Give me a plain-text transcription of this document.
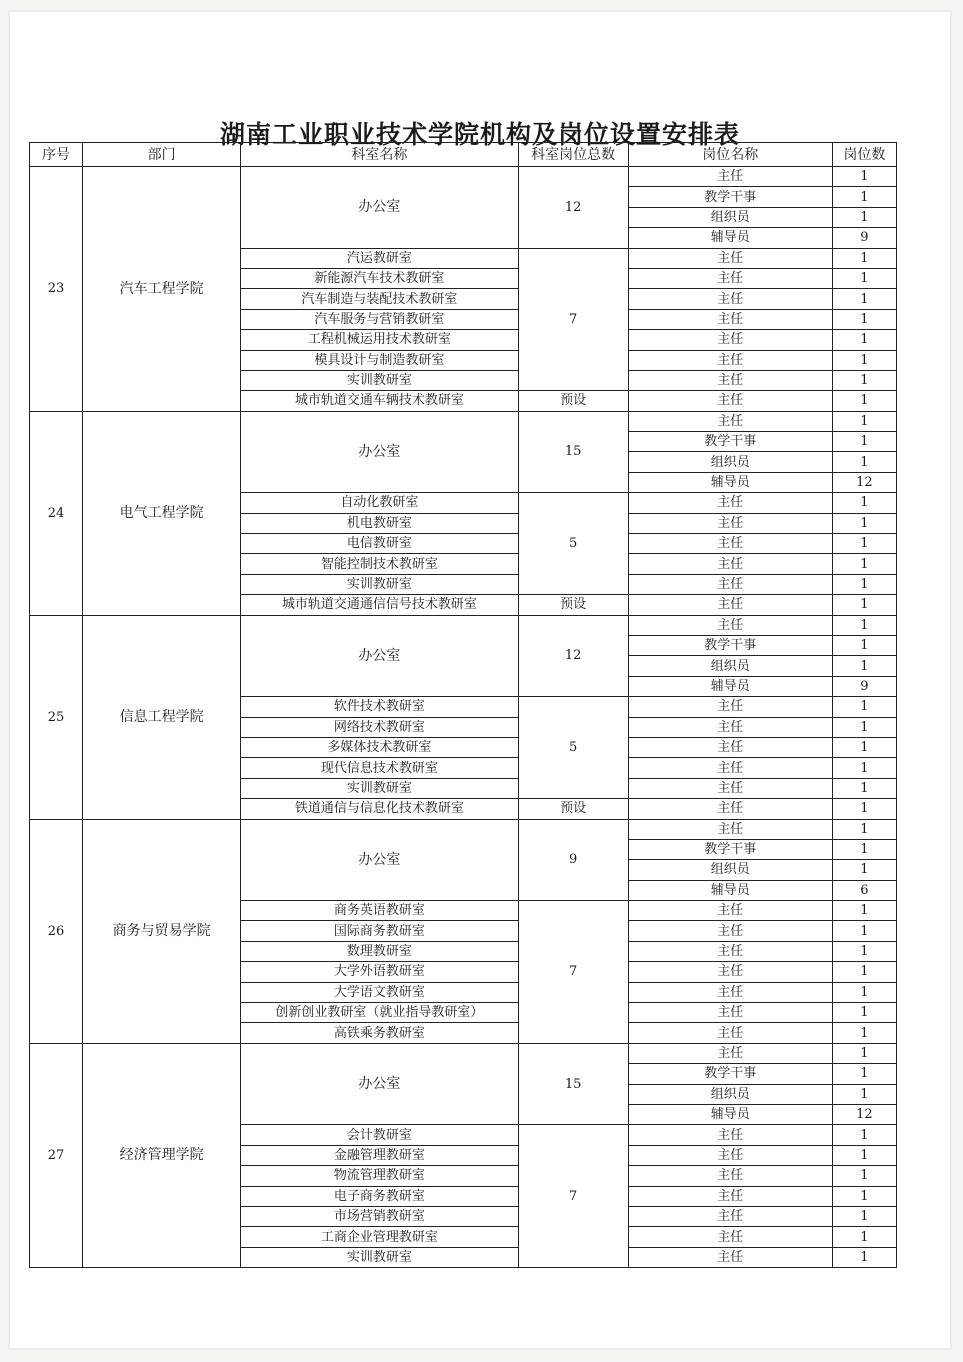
湖南工业职业技术学院机构及岗位设置安排表
序号	部门	科室名称	科室岗位总数	岗位名称	岗位数
23	汽车工程学院	办公室	12	主任	1
				教学干事	1
				组织员	1
				辅导员	9
		汽运教研室	7	主任	1
		新能源汽车技术教研室		主任	1
		汽车制造与装配技术教研室		主任	1
		汽车服务与营销教研室		主任	1
		工程机械运用技术教研室		主任	1
		模具设计与制造教研室		主任	1
		实训教研室		主任	1
		城市轨道交通车辆技术教研室	预设	主任	1
24	电气工程学院	办公室	15	主任	1
				教学干事	1
				组织员	1
				辅导员	12
		自动化教研室	5	主任	1
		机电教研室		主任	1
		电信教研室		主任	1
		智能控制技术教研室		主任	1
		实训教研室		主任	1
		城市轨道交通通信信号技术教研室	预设	主任	1
25	信息工程学院	办公室	12	主任	1
				教学干事	1
				组织员	1
				辅导员	9
		软件技术教研室	5	主任	1
		网络技术教研室		主任	1
		多媒体技术教研室		主任	1
		现代信息技术教研室		主任	1
		实训教研室		主任	1
		铁道通信与信息化技术教研室	预设	主任	1
26	商务与贸易学院	办公室	9	主任	1
				教学干事	1
				组织员	1
				辅导员	6
		商务英语教研室	7	主任	1
		国际商务教研室		主任	1
		数理教研室		主任	1
		大学外语教研室		主任	1
		大学语文教研室		主任	1
		创新创业教研室（就业指导教研室）		主任	1
		高铁乘务教研室		主任	1
27	经济管理学院	办公室	15	主任	1
				教学干事	1
				组织员	1
				辅导员	12
		会计教研室	7	主任	1
		金融管理教研室		主任	1
		物流管理教研室		主任	1
		电子商务教研室		主任	1
		市场营销教研室		主任	1
		工商企业管理教研室		主任	1
		实训教研室		主任	1
